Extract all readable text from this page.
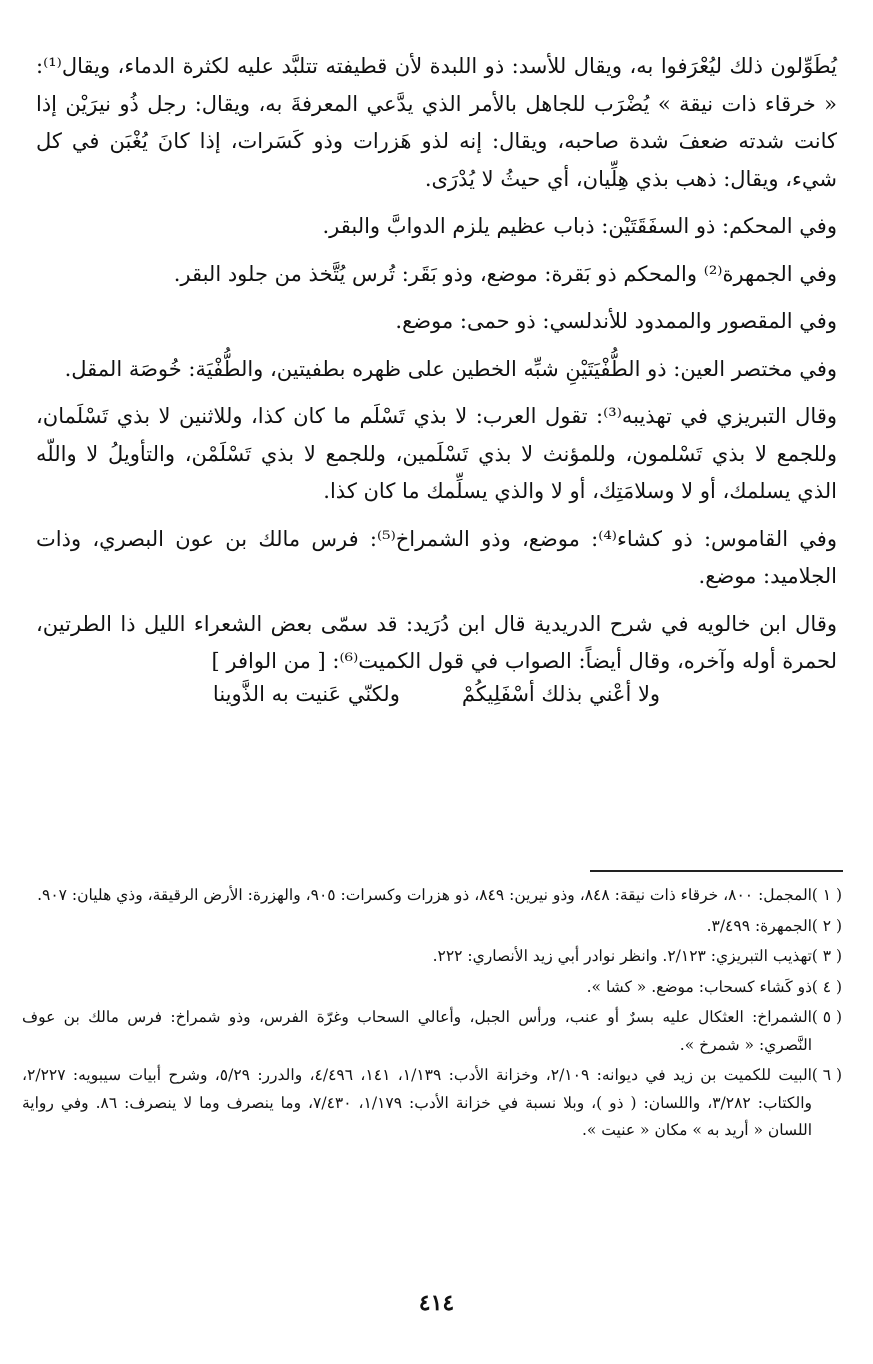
يُطَوِّلون ذلك ليُعْرَفوا به، ويقال للأسد: ذو اللبدة لأن قطيفته تتلبَّد عليه لكثرة الدماء، ويقال⁽¹⁾: « خرقاء ذات نيقة » يُضْرَب للجاهل بالأمر الذي يدَّعي المعرفةَ به، ويقال: رجل ذُو نيرَيْن إذا كانت شدته ضعفَ شدة صاحبه، ويقال: إنه لذو هَزرات وذو كَسَرات، إذا كانَ يُغْبَن في كل شيء، ويقال: ذهب بذي هِلِّيان، أي حيثُ لا يُدْرَى.

وفي المحكم: ذو السفَقَتَيْن: ذباب عظيم يلزم الدوابَّ والبقر.

وفي الجمهرة⁽²⁾ والمحكم ذو بَقرة: موضع، وذو بَقَر: تُرس يُتَّخذ من جلود البقر.

وفي المقصور والممدود للأندلسي: ذو حمى: موضع.

وفي مختصر العين: ذو الطُّفْيَتَيْنِ شبِّه الخطين على ظهره بطفيتين، والطُّفْيَة: خُوصَة المقل.

وقال التبريزي في تهذيبه⁽³⁾: تقول العرب: لا بذي تَسْلَم ما كان كذا، وللاثنين لا بذي تَسْلَمان، وللجمع لا بذي تَسْلمون، وللمؤنث لا بذي تَسْلَمين، وللجمع لا بذي تَسْلَمْن، والتأويلُ لا واللّه الذي يسلمك، أو لا وسلامَتِك، أو لا والذي يسلِّمك ما كان كذا.

وفي القاموس: ذو كشاء⁽⁴⁾: موضع، وذو الشمراخ⁽⁵⁾: فرس مالك بن عون البصري، وذات الجلاميد: موضع.

وقال ابن خالويه في شرح الدريدية قال ابن دُرَيد: قد سمّى بعض الشعراء الليل ذا الطرتين، لحمرة أوله وآخره، وقال أيضاً: الصواب في قول الكميت⁽⁶⁾: [ من الوافر ]

ولا أعْني بذلك أسْفَلِيكُمْ
ولكنّي عَنيت به الذَّوينا

( ١ )
المجمل: ٨٠٠، خرقاء ذات نيقة: ٨٤٨، وذو نيرين: ٨٤٩، ذو هزرات وكسرات: ٩٠٥، والهزرة: الأرض الرقيقة، وذي هليان: ٩٠٧.

( ٢ )
الجمهرة: ٣/٤٩٩.

( ٣ )
تهذيب التبريزي: ٢/١٢٣. وانظر نوادر أبي زيد الأنصاري: ٢٢٢.

( ٤ )
ذو كَشاء كسحاب: موضع. « كشا ».

( ٥ )
الشمراخ: العثكال عليه بسرٌ أو عنب، ورأس الجبل، وأعالي السحاب وغرّة الفرس، وذو شمراخ: فرس مالك بن عوف النَّصري: « شمرخ ».

( ٦ )
البيت للكميت بن زيد في ديوانه: ٢/١٠٩، وخزانة الأدب: ١/١٣٩، ١٤١، ٤/٤٩٦، والدرر: ٥/٢٩، وشرح أبيات سيبويه: ٢/٢٢٧، والكتاب: ٣/٢٨٢، واللسان: ( ذو )، وبلا نسبة في خزانة الأدب: ١/١٧٩، ٧/٤٣٠، وما ينصرف وما لا ينصرف: ٨٦. وفي رواية اللسان « أريد به » مكان « عنيت ».

٤١٤
